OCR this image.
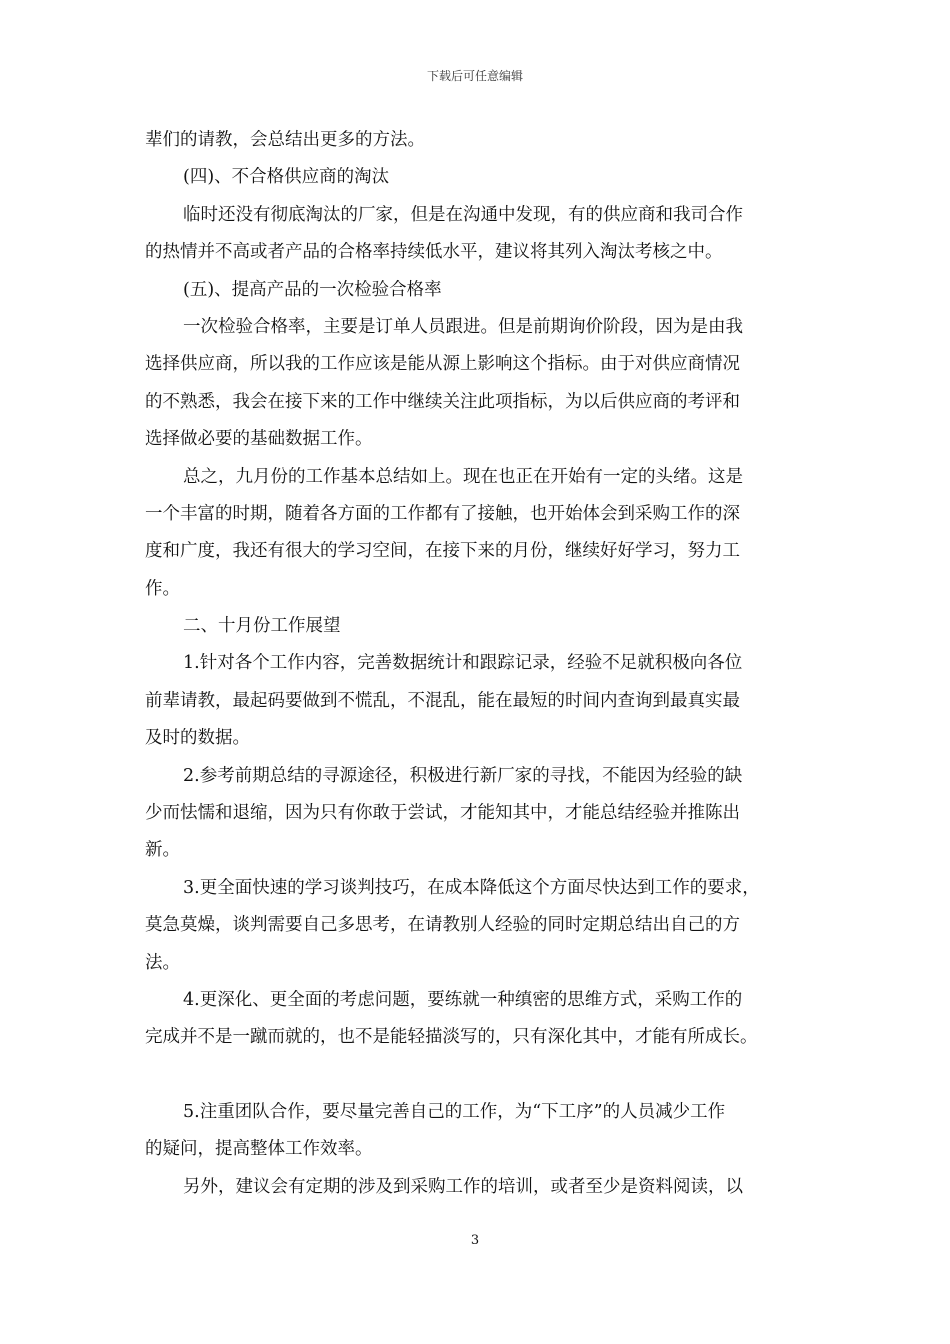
下载后可任意编辑
辈们的请教，会总结出更多的方法。
(四)、不合格供应商的淘汰
临时还没有彻底淘汰的厂家，但是在沟通中发现，有的供应商和我司合作
的热情并不高或者产品的合格率持续低水平，建议将其列入淘汰考核之中。
(五)、提高产品的一次检验合格率
一次检验合格率，主要是订单人员跟进。但是前期询价阶段，因为是由我
选择供应商，所以我的工作应该是能从源上影响这个指标。由于对供应商情况
的不熟悉，我会在接下来的工作中继续关注此项指标，为以后供应商的考评和
选择做必要的基础数据工作。
总之，九月份的工作基本总结如上。现在也正在开始有一定的头绪。这是
一个丰富的时期，随着各方面的工作都有了接触，也开始体会到采购工作的深
度和广度，我还有很大的学习空间，在接下来的月份，继续好好学习，努力工
作。
二、十月份工作展望
1.针对各个工作内容，完善数据统计和跟踪记录，经验不足就积极向各位
前辈请教，最起码要做到不慌乱，不混乱，能在最短的时间内查询到最真实最
及时的数据。
2.参考前期总结的寻源途径，积极进行新厂家的寻找，不能因为经验的缺
少而怯懦和退缩，因为只有你敢于尝试，才能知其中，才能总结经验并推陈出
新。
3.更全面快速的学习谈判技巧，在成本降低这个方面尽快达到工作的要求，
莫急莫燥，谈判需要自己多思考，在请教别人经验的同时定期总结出自己的方
法。
4.更深化、更全面的考虑问题，要练就一种缜密的思维方式，采购工作的
完成并不是一蹴而就的，也不是能轻描淡写的，只有深化其中，才能有所成长。
5.注重团队合作，要尽量完善自己的工作，为“下工序”的人员减少工作
的疑问，提高整体工作效率。
另外，建议会有定期的涉及到采购工作的培训，或者至少是资料阅读，以
3
